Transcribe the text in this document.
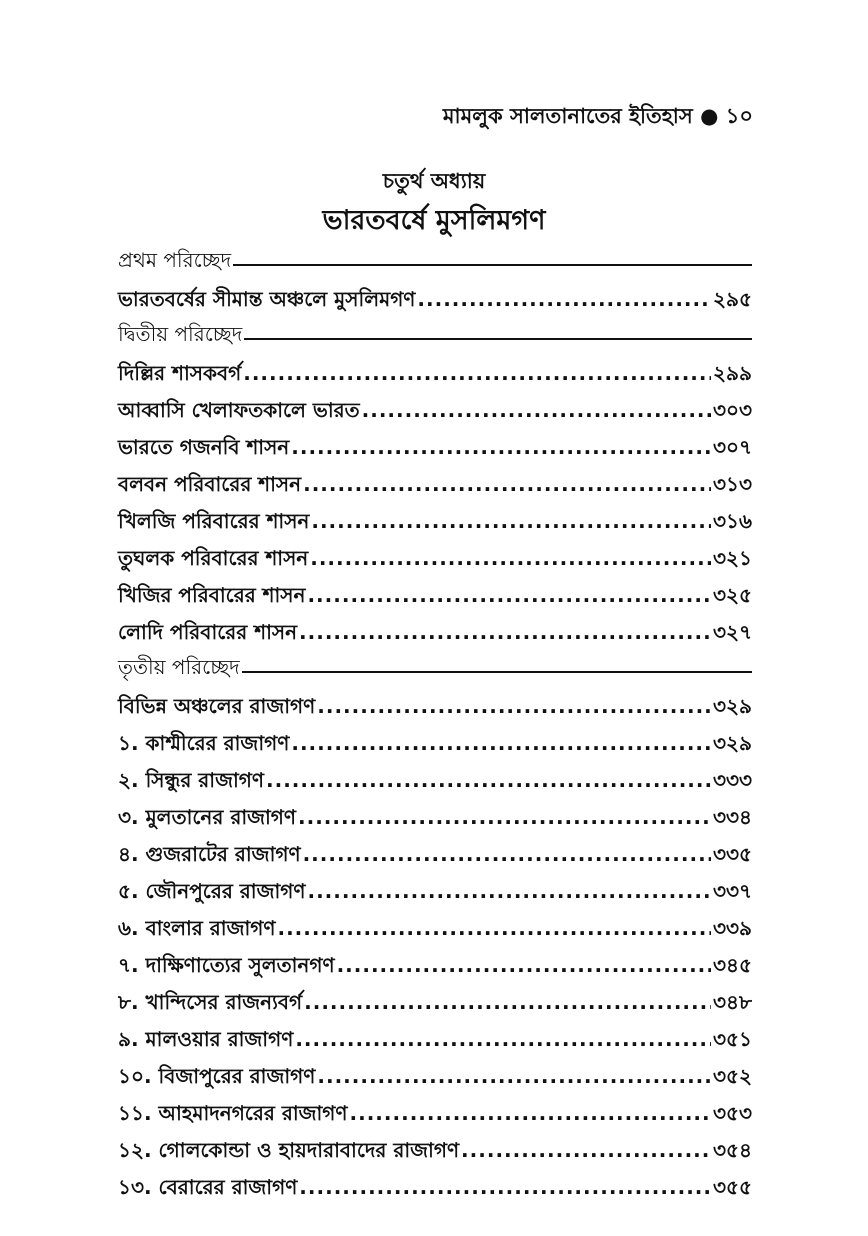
মামলুক সালতানাতের ইতিহাস ● ১০
চতুর্থ অধ্যায়
ভারতবর্ষে মুসলিমগণ
প্রথম পরিচ্ছেদ
ভারতবর্ষের সীমান্ত অঞ্চলে মুসলিমগণ .....	২৯৫
দ্বিতীয় পরিচ্ছেদ
দিল্লির শাসকবর্গ .....	২৯৯
আব্বাসি খেলাফতকালে ভারত .....	৩০৩
ভারতে গজনবি শাসন .....	৩০৭
বলবন পরিবারের শাসন .....	৩১৩
খিলজি পরিবারের শাসন .....	৩১৬
তুঘলক পরিবারের শাসন .....	৩২১
খিজির পরিবারের শাসন .....	৩২৫
লোদি পরিবারের শাসন .....	৩২৭
তৃতীয় পরিচ্ছেদ
বিভিন্ন অঞ্চলের রাজাগণ .....	৩২৯
১. কাশ্মীরের রাজাগণ .....	৩২৯
২. সিন্ধুর রাজাগণ .....	৩৩৩
৩. মুলতানের রাজাগণ .....	৩৩৪
৪. গুজরাটের রাজাগণ .....	৩৩৫
৫. জৌনপুরের রাজাগণ .....	৩৩৭
৬. বাংলার রাজাগণ .....	৩৩৯
৭. দাক্ষিণাত্যের সুলতানগণ .....	৩৪৫
৮. খান্দিসের রাজন্যবর্গ .....	৩৪৮
৯. মালওয়ার রাজাগণ .....	৩৫১
১০. বিজাপুরের রাজাগণ .....	৩৫২
১১. আহমাদনগরের রাজাগণ .....	৩৫৩
১২. গোলকোন্ডা ও হায়দারাবাদের রাজাগণ .....	৩৫৪
১৩. বেরারের রাজাগণ .....	৩৫৫
